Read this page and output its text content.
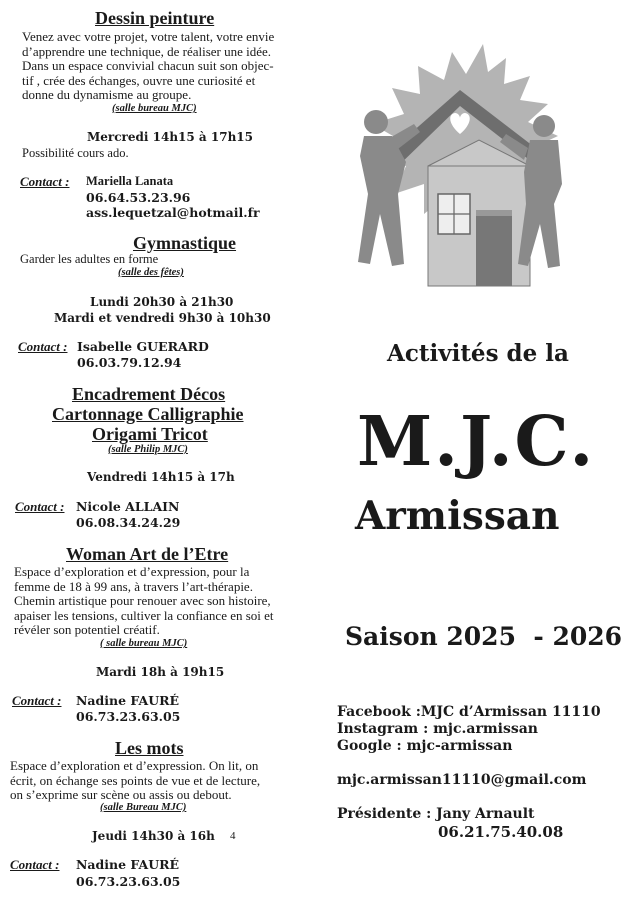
Dessin peinture
Venez avec votre projet, votre talent, votre envie
d’apprendre une technique, de réaliser une idée.
Dans un espace convivial chacun suit son objec-
tif , crée des échanges, ouvre une curiosité et
donne du dynamisme au groupe.
(salle bureau MJC)
Mercredi 14h15 à 17h15
Possibilité cours ado.
Contact : Mariella Lanata
06.64.53.23.96
ass.lequetzal@hotmail.fr
Gymnastique
Garder les adultes en forme
(salle des fêtes)
Lundi 20h30 à 21h30
Mardi et vendredi 9h30 à 10h30
Contact : Isabelle GUERARD
06.03.79.12.94
Encadrement Décos
Cartonnage Calligraphie
Origami Tricot
(salle Philip MJC)
Vendredi 14h15 à 17h
Contact : Nicole ALLAIN
06.08.34.24.29
Woman Art de l’Etre
Espace d’exploration et d’expression, pour la
femme de 18 à 99 ans, à travers l’art-thérapie.
Chemin artistique pour renouer avec son histoire,
apaiser les tensions, cultiver la confiance en soi et
révéler son potentiel créatif.
( salle bureau MJC)
Mardi 18h à 19h15
Contact : Nadine FAURÉ
06.73.23.63.05
Les mots
Espace d’exploration et d’expression. On lit, on
écrit, on échange ses points de vue et de lecture,
on s’exprime sur scène ou assis ou debout.
(salle Bureau MJC)
Jeudi 14h30 à 16h 4
Contact : Nadine FAURÉ
06.73.23.63.05
Activités de la
M.J.C.
Armissan
Saison 2025  - 2026
Facebook :MJC d’Armissan 11110
Instagram : mjc.armissan
Google : mjc-armissan
mjc.armissan11110@gmail.com
Présidente : Jany Arnault
06.21.75.40.08
